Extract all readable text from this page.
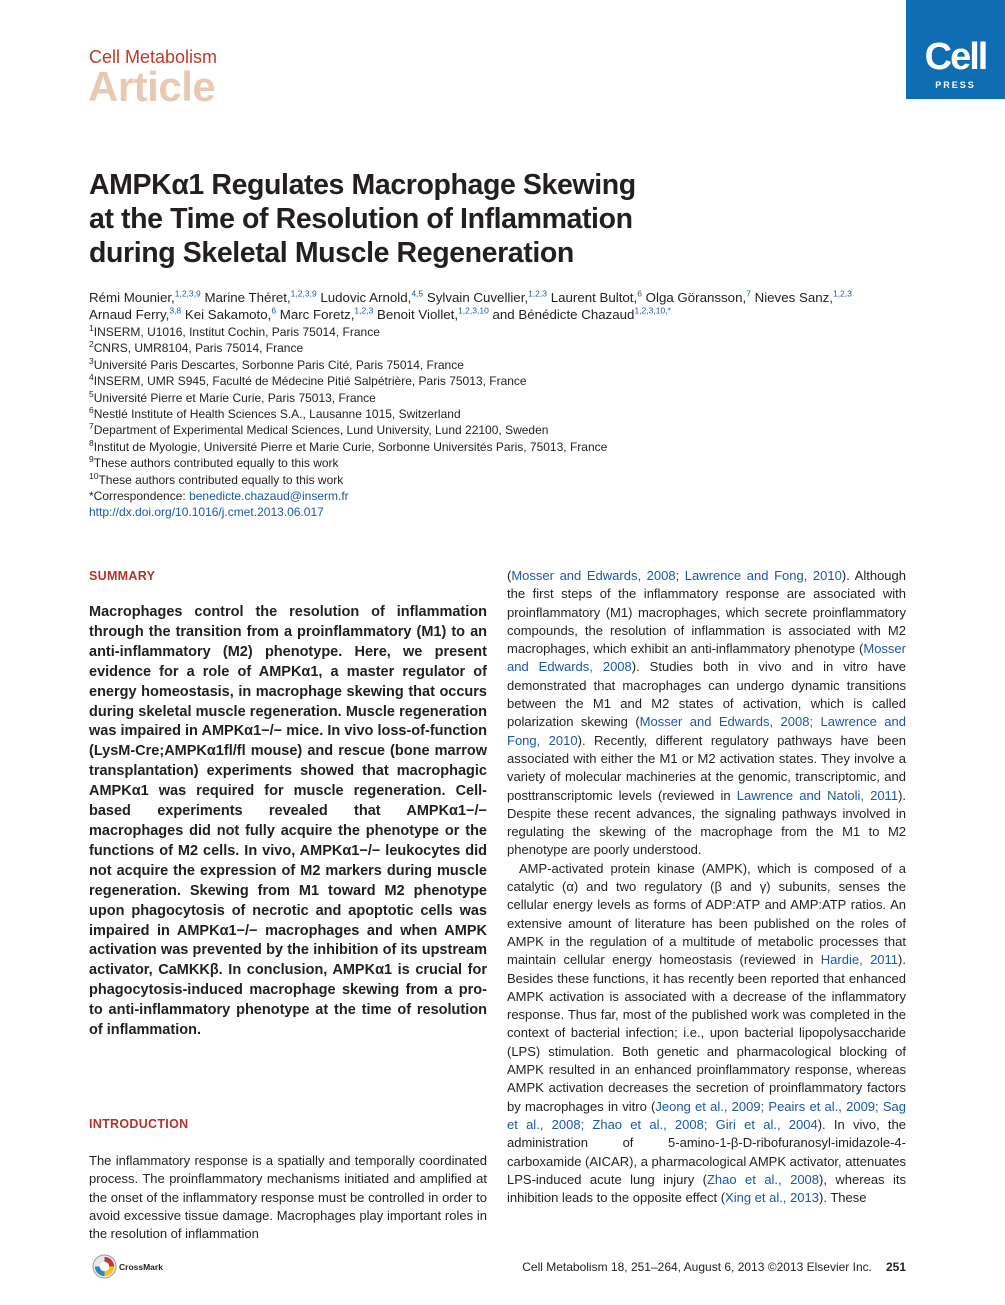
Cell Metabolism
Article
Cell
PRESS
AMPKα1 Regulates Macrophage Skewing
at the Time of Resolution of Inflammation
during Skeletal Muscle Regeneration
Rémi Mounier,$^{1,2,3,9}$ Marine Théret,$^{1,2,3,9}$ Ludovic Arnold,$^{4,5}$ Sylvain Cuvellier,$^{1,2,3}$ Laurent Bultot,$^6$ Olga Göransson,$^7$ Nieves Sanz,$^{1,2,3}$
Arnaud Ferry,$^{3,8}$ Kei Sakamoto,$^6$ Marc Foretz,$^{1,2,3}$ Benoit Viollet,$^{1,2,3,10}$ and Bénédicte Chazaud$^{1,2,3,10,*}$
$^1$INSERM, U1016, Institut Cochin, Paris 75014, France
$^2$CNRS, UMR8104, Paris 75014, France
$^3$Université Paris Descartes, Sorbonne Paris Cité, Paris 75014, France
$^4$INSERM, UMR S945, Faculté de Médecine Pitié Salpétrière, Paris 75013, France
$^5$Université Pierre et Marie Curie, Paris 75013, France
$^6$Nestlé Institute of Health Sciences S.A., Lausanne 1015, Switzerland
$^7$Department of Experimental Medical Sciences, Lund University, Lund 22100, Sweden
$^8$Institut de Myologie, Université Pierre et Marie Curie, Sorbonne Universités Paris, 75013, France
$^9$These authors contributed equally to this work
$^{10}$These authors contributed equally to this work
*Correspondence: benedicte.chazaud@inserm.fr
http://dx.doi.org/10.1016/j.cmet.2013.06.017
SUMMARY

Macrophages control the resolution of inflammation through the transition from a proinflammatory (M1) to an anti-inflammatory (M2) phenotype. Here, we present evidence for a role of AMPKα1, a master regulator of energy homeostasis, in macrophage skewing that occurs during skeletal muscle regeneration. Muscle regeneration was impaired in AMPKα1−/− mice. In vivo loss-of-function (LysM-Cre;AMPKα1fl/fl mouse) and rescue (bone marrow transplantation) experiments showed that macrophagic AMPKα1 was required for muscle regeneration. Cell-based experiments revealed that AMPKα1−/− macrophages did not fully acquire the phenotype or the functions of M2 cells. In vivo, AMPKα1−/− leukocytes did not acquire the expression of M2 markers during muscle regeneration. Skewing from M1 toward M2 phenotype upon phagocytosis of necrotic and apoptotic cells was impaired in AMPKα1−/− macrophages and when AMPK activation was prevented by the inhibition of its upstream activator, CaMKKβ. In conclusion, AMPKα1 is crucial for phagocytosis-induced macrophage skewing from a pro- to anti-inflammatory phenotype at the time of resolution of inflammation.

INTRODUCTION

The inflammatory response is a spatially and temporally coordinated process. The proinflammatory mechanisms initiated and amplified at the onset of the inflammatory response must be controlled in order to avoid excessive tissue damage. Macrophages play important roles in the resolution of inflammation

(Mosser and Edwards, 2008; Lawrence and Fong, 2010). Although the first steps of the inflammatory response are associated with proinflammatory (M1) macrophages, which secrete proinflammatory compounds, the resolution of inflammation is associated with M2 macrophages, which exhibit an anti-inflammatory phenotype (Mosser and Edwards, 2008). Studies both in vivo and in vitro have demonstrated that macrophages can undergo dynamic transitions between the M1 and M2 states of activation, which is called polarization skewing (Mosser and Edwards, 2008; Lawrence and Fong, 2010). Recently, different regulatory pathways have been associated with either the M1 or M2 activation states. They involve a variety of molecular machineries at the genomic, transcriptomic, and posttranscriptomic levels (reviewed in Lawrence and Natoli, 2011). Despite these recent advances, the signaling pathways involved in regulating the skewing of the macrophage from the M1 to M2 phenotype are poorly understood.

AMP-activated protein kinase (AMPK), which is composed of a catalytic (α) and two regulatory (β and γ) subunits, senses the cellular energy levels as forms of ADP:ATP and AMP:ATP ratios. An extensive amount of literature has been published on the roles of AMPK in the regulation of a multitude of metabolic processes that maintain cellular energy homeostasis (reviewed in Hardie, 2011). Besides these functions, it has recently been reported that enhanced AMPK activation is associated with a decrease of the inflammatory response. Thus far, most of the published work was completed in the context of bacterial infection; i.e., upon bacterial lipopolysaccharide (LPS) stimulation. Both genetic and pharmacological blocking of AMPK resulted in an enhanced proinflammatory response, whereas AMPK activation decreases the secretion of proinflammatory factors by macrophages in vitro (Jeong et al., 2009; Peairs et al., 2009; Sag et al., 2008; Zhao et al., 2008; Giri et al., 2004). In vivo, the administration of 5-amino-1-β-D-ribofuranosyl-imidazole-4-carboxamide (AICAR), a pharmacological AMPK activator, attenuates LPS-induced acute lung injury (Zhao et al., 2008), whereas its inhibition leads to the opposite effect (Xing et al., 2013). These

CrossMark	Cell Metabolism 18, 251–264, August 6, 2013 ©2013 Elsevier Inc. 251
